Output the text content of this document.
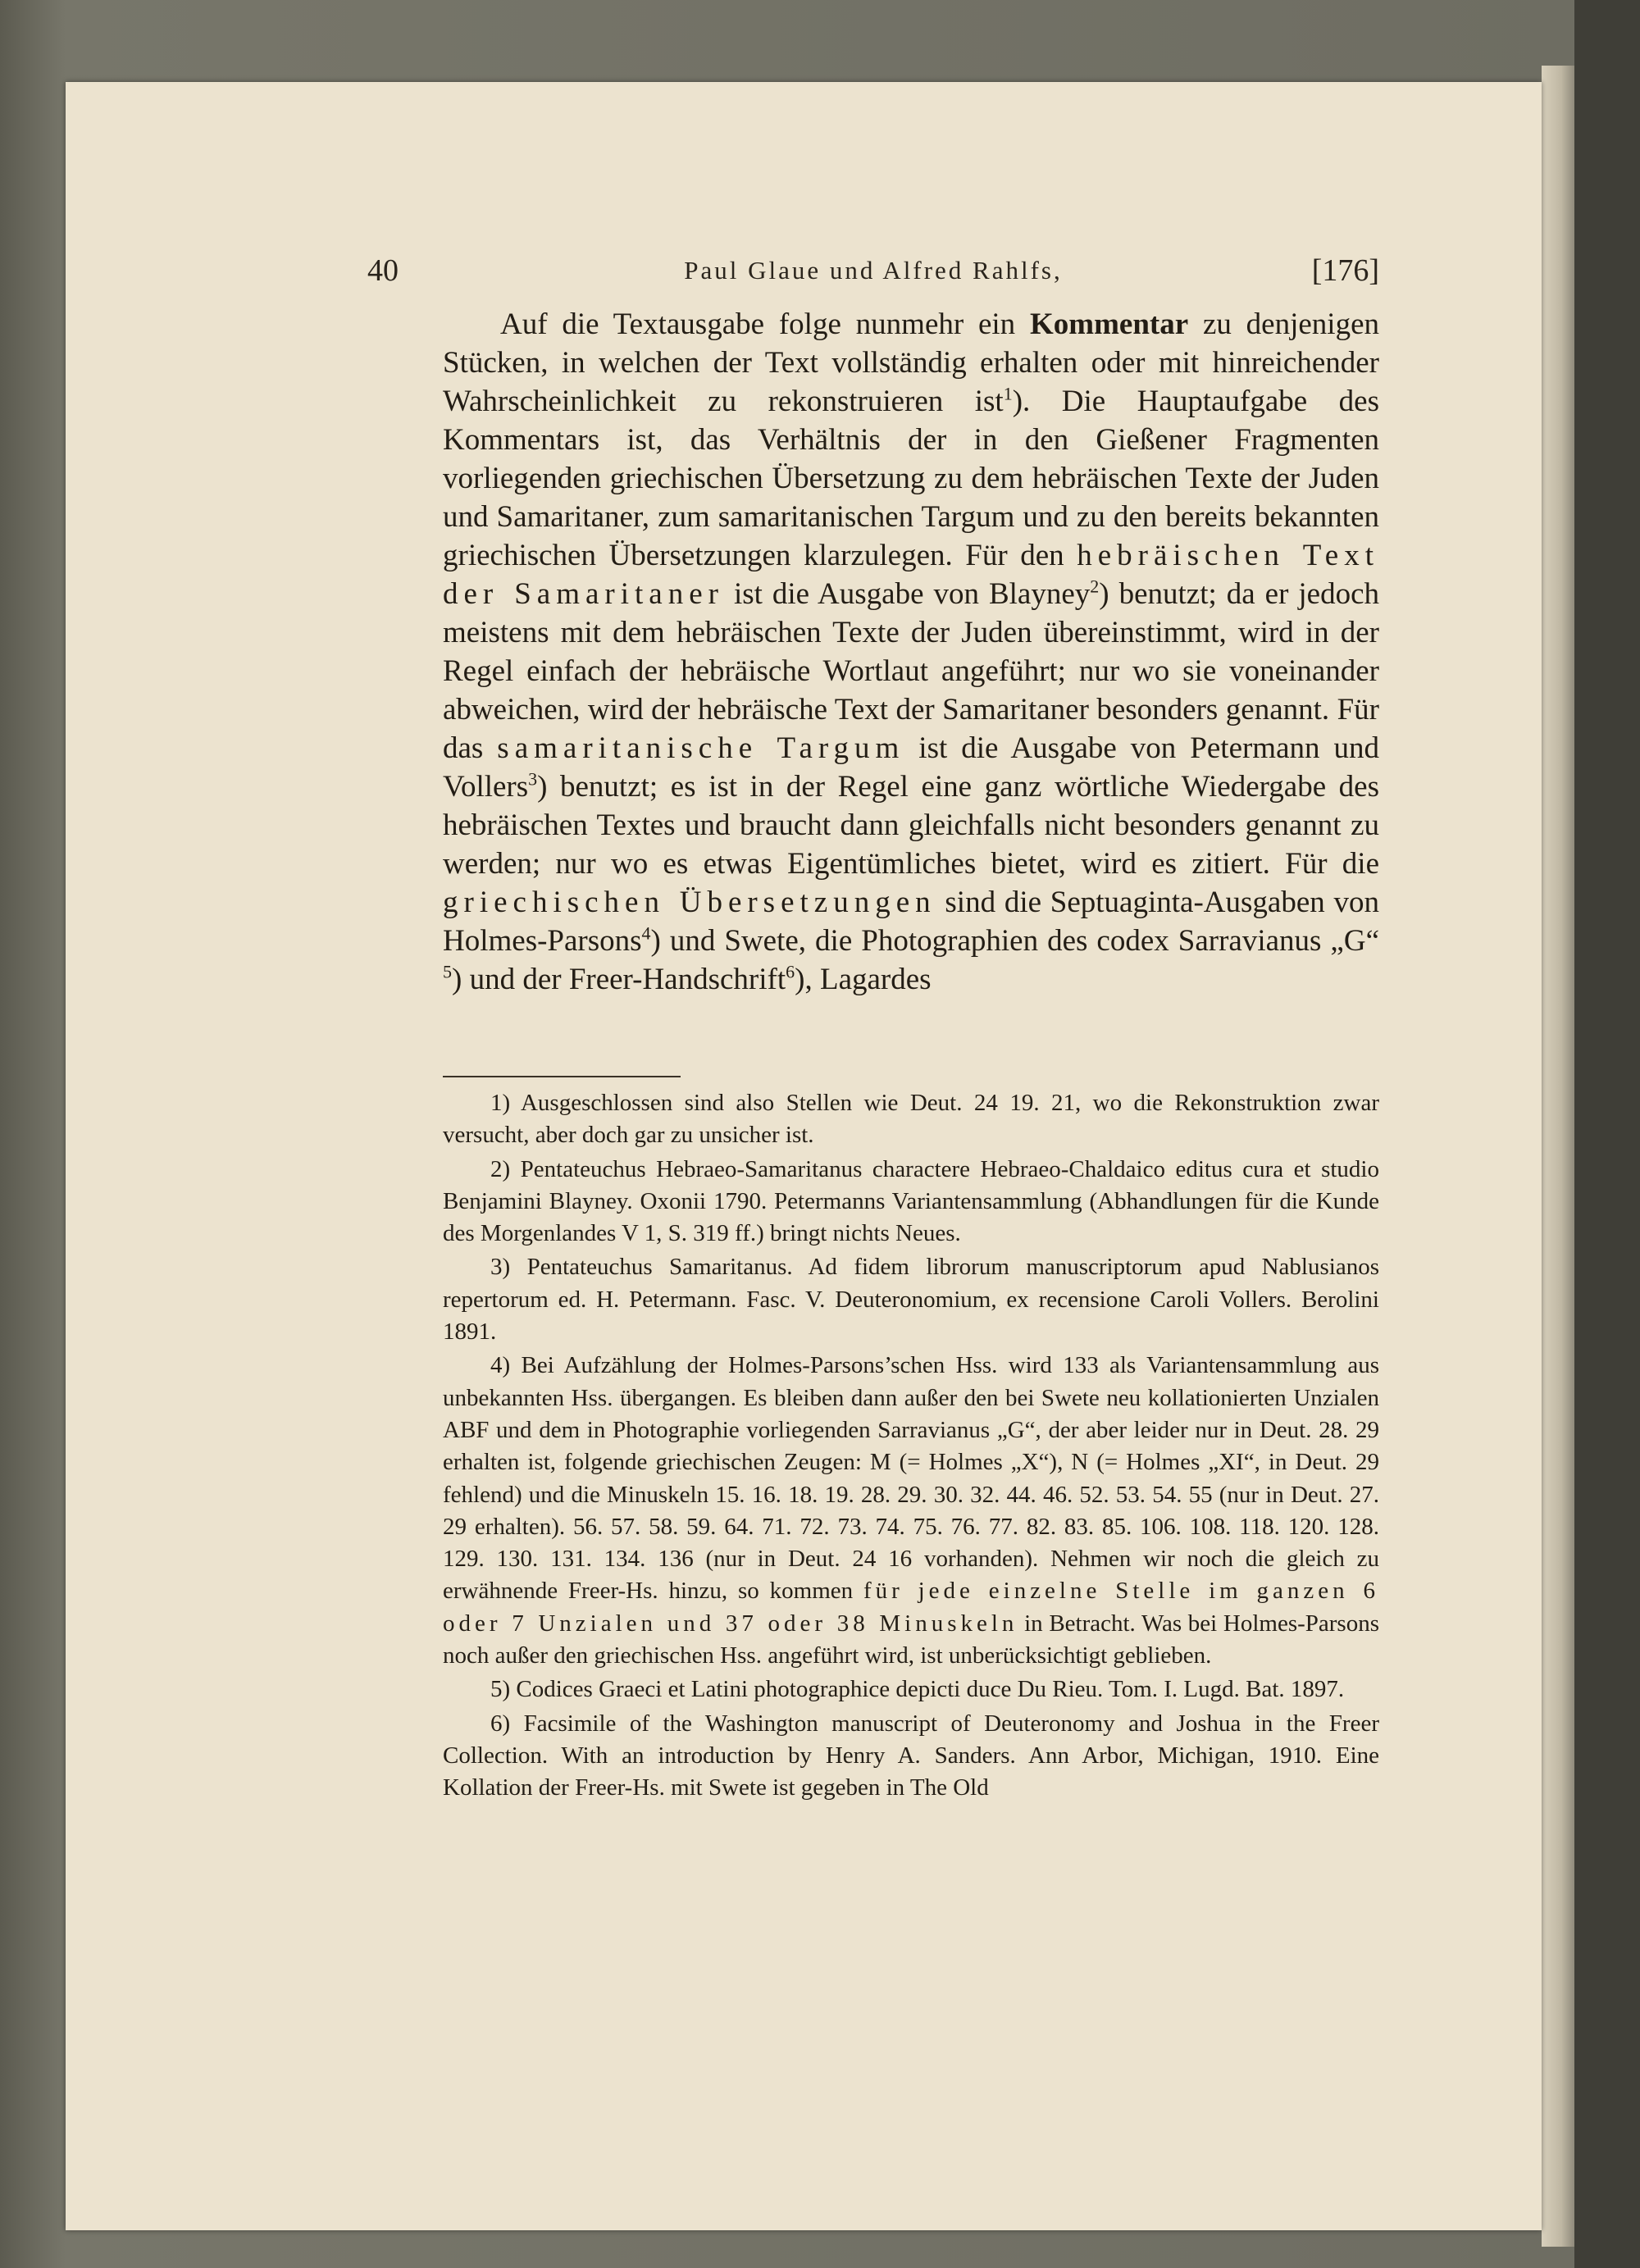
40	Paul Glaue und Alfred Rahlfs,	[176]

Auf die Textausgabe folge nunmehr ein Kommentar zu denjenigen Stücken, in welchen der Text vollständig erhalten oder mit hinreichender Wahrscheinlichkeit zu rekonstruieren ist$^1$). Die Hauptaufgabe des Kommentars ist, das Verhältnis der in den Gießener Fragmenten vorliegenden griechischen Übersetzung zu dem hebräischen Texte der Juden und Samaritaner, zum samaritanischen Targum und zu den bereits bekannten griechischen Übersetzungen klarzulegen. Für den hebräischen Text der Samaritaner ist die Ausgabe von Blayney$^2$) benutzt; da er jedoch meistens mit dem hebräischen Texte der Juden übereinstimmt, wird in der Regel einfach der hebräische Wortlaut angeführt; nur wo sie voneinander abweichen, wird der hebräische Text der Samaritaner besonders genannt. Für das samaritanische Targum ist die Ausgabe von Petermann und Vollers$^3$) benutzt; es ist in der Regel eine ganz wörtliche Wiedergabe des hebräischen Textes und braucht dann gleichfalls nicht besonders genannt zu werden; nur wo es etwas Eigentümliches bietet, wird es zitiert. Für die griechischen Übersetzungen sind die Septuaginta-Ausgaben von Holmes-Parsons$^4$) und Swete, die Photographien des codex Sarravianus „G“ $^5$) und der Freer-Handschrift$^6$), Lagardes

1) Ausgeschlossen sind also Stellen wie Deut. 24 19. 21, wo die Rekonstruktion zwar versucht, aber doch gar zu unsicher ist.

2) Pentateuchus Hebraeo-Samaritanus charactere Hebraeo-Chaldaico editus cura et studio Benjamini Blayney. Oxonii 1790. Petermanns Variantensammlung (Abhandlungen für die Kunde des Morgenlandes V 1, S. 319 ff.) bringt nichts Neues.

3) Pentateuchus Samaritanus. Ad fidem librorum manuscriptorum apud Nablusianos repertorum ed. H. Petermann. Fasc. V. Deuteronomium, ex recensione Caroli Vollers. Berolini 1891.

4) Bei Aufzählung der Holmes-Parsons’schen Hss. wird 133 als Variantensammlung aus unbekannten Hss. übergangen. Es bleiben dann außer den bei Swete neu kollationierten Unzialen ABF und dem in Photographie vorliegenden Sarravianus „G“, der aber leider nur in Deut. 28. 29 erhalten ist, folgende griechischen Zeugen: M (= Holmes „X“), N (= Holmes „XI“, in Deut. 29 fehlend) und die Minuskeln 15. 16. 18. 19. 28. 29. 30. 32. 44. 46. 52. 53. 54. 55 (nur in Deut. 27. 29 erhalten). 56. 57. 58. 59. 64. 71. 72. 73. 74. 75. 76. 77. 82. 83. 85. 106. 108. 118. 120. 128. 129. 130. 131. 134. 136 (nur in Deut. 24 16 vorhanden). Nehmen wir noch die gleich zu erwähnende Freer-Hs. hinzu, so kommen für jede einzelne Stelle im ganzen 6 oder 7 Unzialen und 37 oder 38 Minuskeln in Betracht. Was bei Holmes-Parsons noch außer den griechischen Hss. angeführt wird, ist unberücksichtigt geblieben.

5) Codices Graeci et Latini photographice depicti duce Du Rieu. Tom. I. Lugd. Bat. 1897.

6) Facsimile of the Washington manuscript of Deuteronomy and Joshua in the Freer Collection. With an introduction by Henry A. Sanders. Ann Arbor, Michigan, 1910. Eine Kollation der Freer-Hs. mit Swete ist gegeben in The Old
